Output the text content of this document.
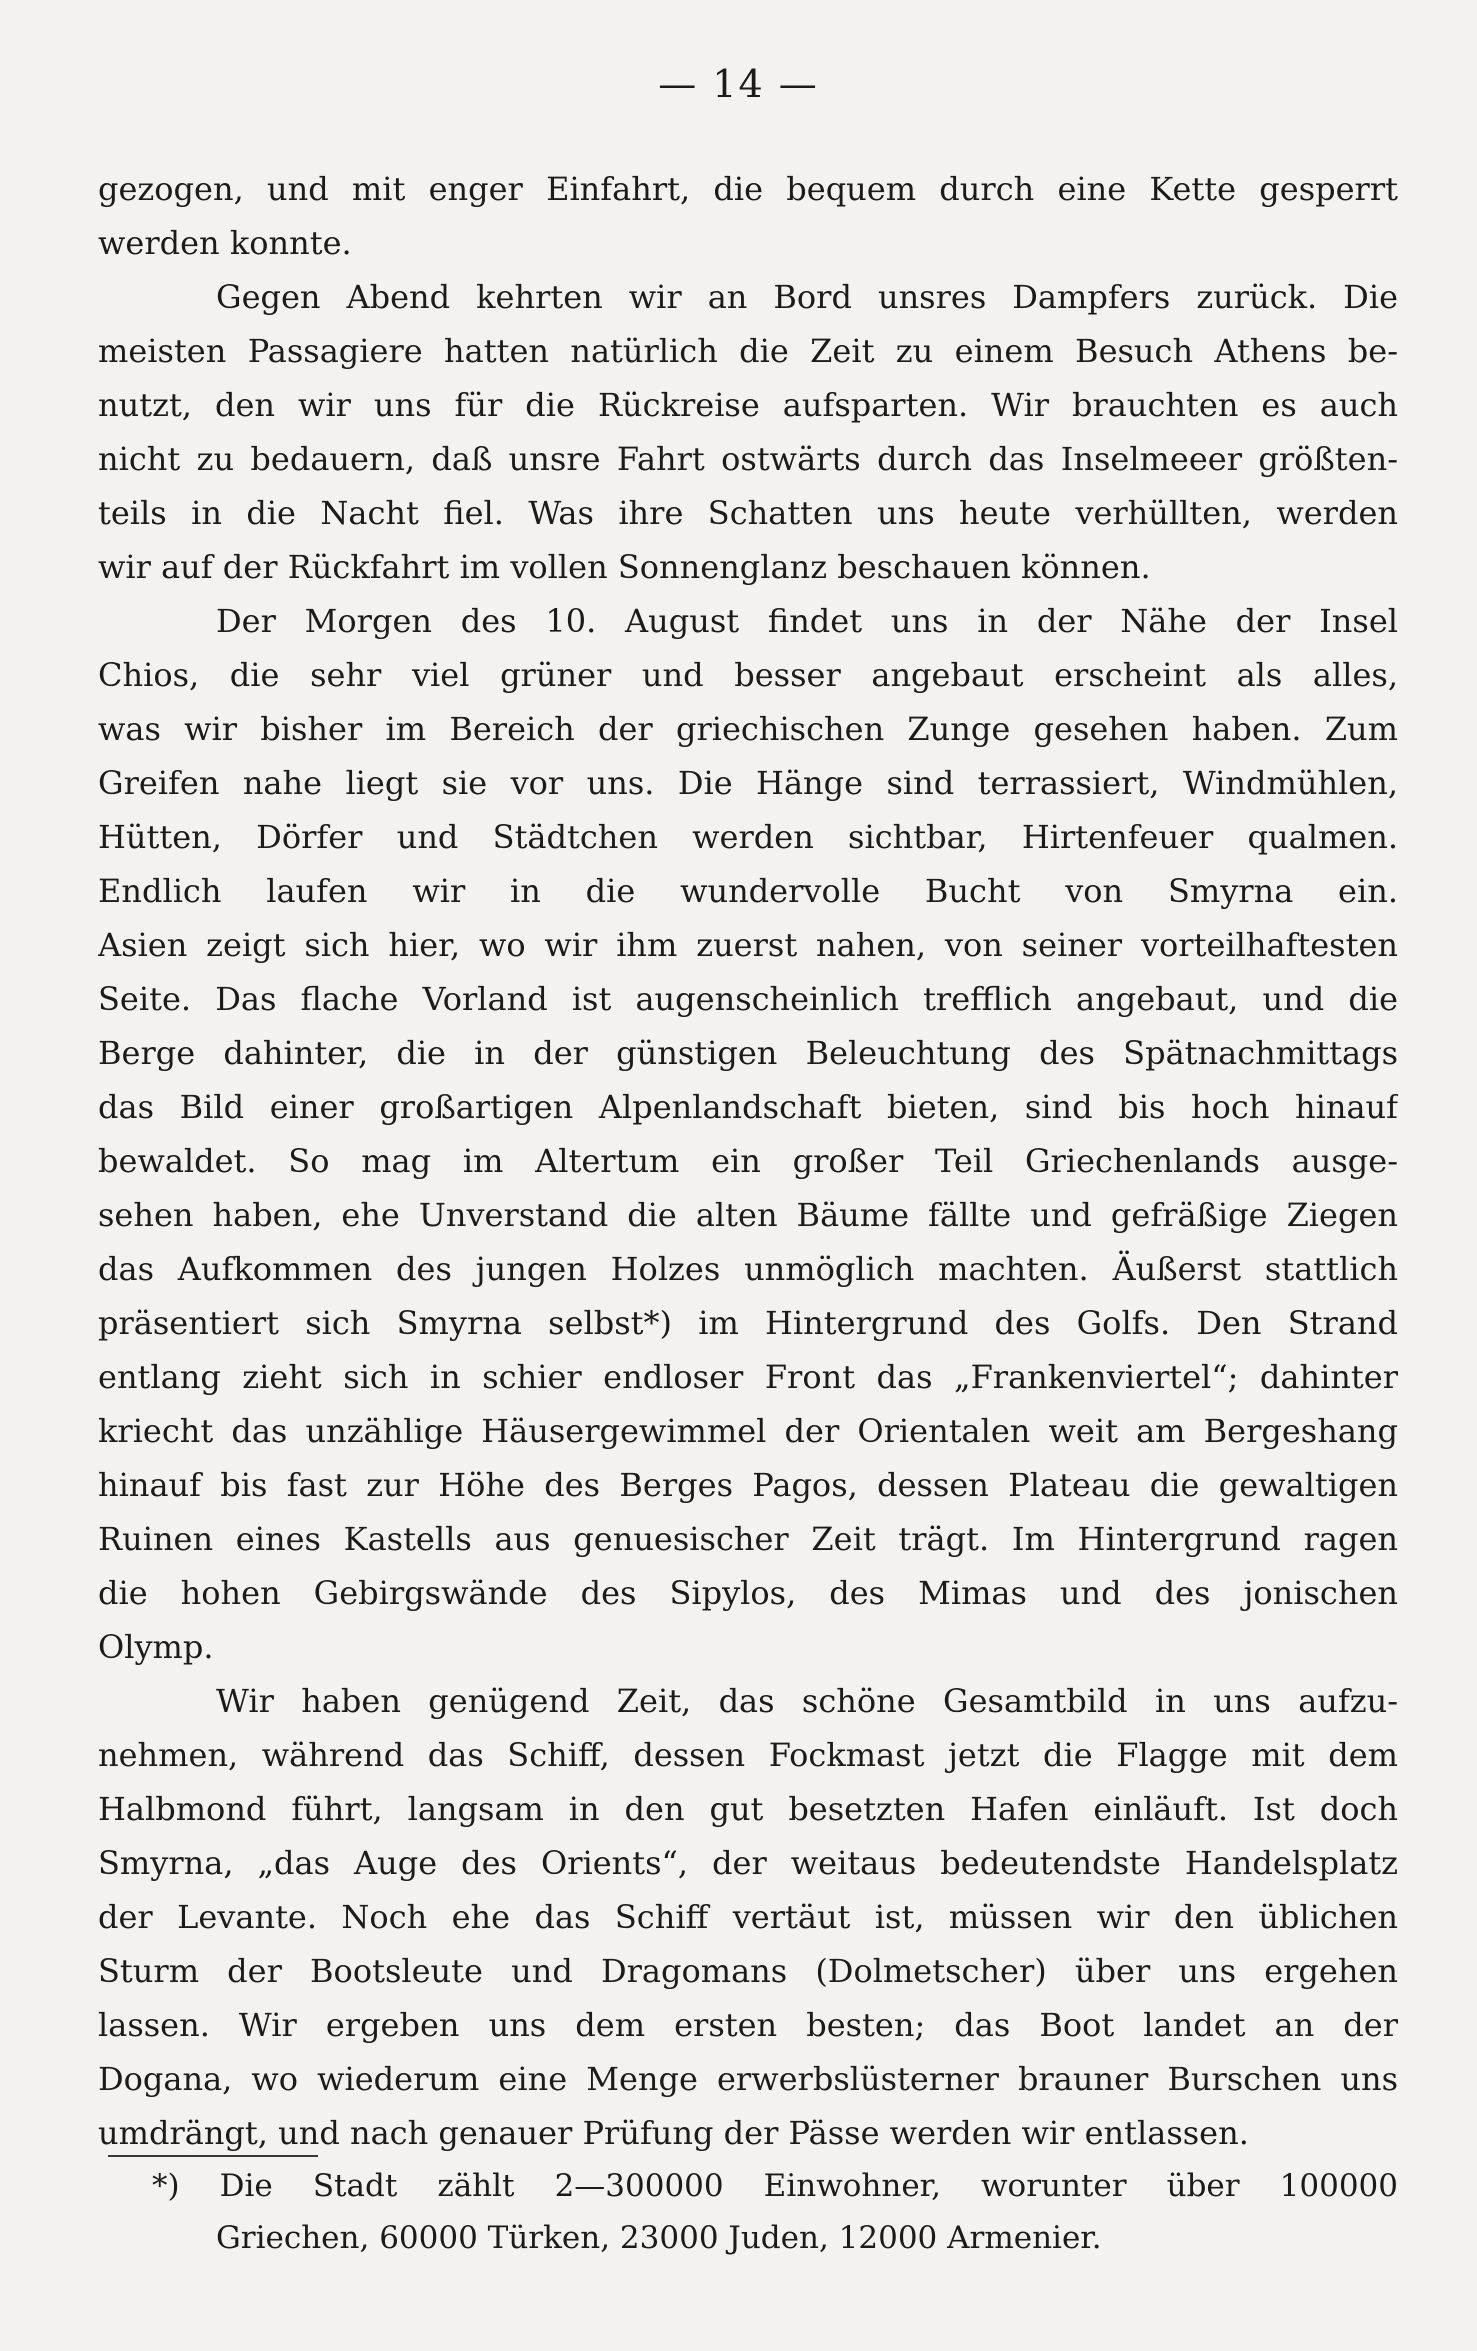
— 14 —
gezogen, und mit enger Einfahrt, die bequem durch eine Kette gesperrt
werden konnte.
Gegen Abend kehrten wir an Bord unsres Dampfers zurück. Die
meisten Passagiere hatten natürlich die Zeit zu einem Besuch Athens be-
nutzt, den wir uns für die Rückreise aufsparten. Wir brauchten es auch
nicht zu bedauern, daß unsre Fahrt ostwärts durch das Inselmeeer größten-
teils in die Nacht fiel. Was ihre Schatten uns heute verhüllten, werden
wir auf der Rückfahrt im vollen Sonnenglanz beschauen können.
Der Morgen des 10. August findet uns in der Nähe der Insel
Chios, die sehr viel grüner und besser angebaut erscheint als alles,
was wir bisher im Bereich der griechischen Zunge gesehen haben. Zum
Greifen nahe liegt sie vor uns. Die Hänge sind terrassiert, Windmühlen,
Hütten, Dörfer und Städtchen werden sichtbar, Hirtenfeuer qualmen.
Endlich laufen wir in die wundervolle Bucht von Smyrna ein.
Asien zeigt sich hier, wo wir ihm zuerst nahen, von seiner vorteilhaftesten
Seite. Das flache Vorland ist augenscheinlich trefflich angebaut, und die
Berge dahinter, die in der günstigen Beleuchtung des Spätnachmittags
das Bild einer großartigen Alpenlandschaft bieten, sind bis hoch hinauf
bewaldet. So mag im Altertum ein großer Teil Griechenlands ausge-
sehen haben, ehe Unverstand die alten Bäume fällte und gefräßige Ziegen
das Aufkommen des jungen Holzes unmöglich machten. Äußerst stattlich
präsentiert sich Smyrna selbst*) im Hintergrund des Golfs. Den Strand
entlang zieht sich in schier endloser Front das „Frankenviertel“; dahinter
kriecht das unzählige Häusergewimmel der Orientalen weit am Bergeshang
hinauf bis fast zur Höhe des Berges Pagos, dessen Plateau die gewaltigen
Ruinen eines Kastells aus genuesischer Zeit trägt. Im Hintergrund ragen
die hohen Gebirgswände des Sipylos, des Mimas und des jonischen
Olymp.
Wir haben genügend Zeit, das schöne Gesamtbild in uns aufzu-
nehmen, während das Schiff, dessen Fockmast jetzt die Flagge mit dem
Halbmond führt, langsam in den gut besetzten Hafen einläuft. Ist doch
Smyrna, „das Auge des Orients“, der weitaus bedeutendste Handelsplatz
der Levante. Noch ehe das Schiff vertäut ist, müssen wir den üblichen
Sturm der Bootsleute und Dragomans (Dolmetscher) über uns ergehen
lassen. Wir ergeben uns dem ersten besten; das Boot landet an der
Dogana, wo wiederum eine Menge erwerbslüsterner brauner Burschen uns
umdrängt, und nach genauer Prüfung der Pässe werden wir entlassen.
*) Die Stadt zählt 2—300000 Einwohner, worunter über 100000
Griechen, 60000 Türken, 23000 Juden, 12000 Armenier.
